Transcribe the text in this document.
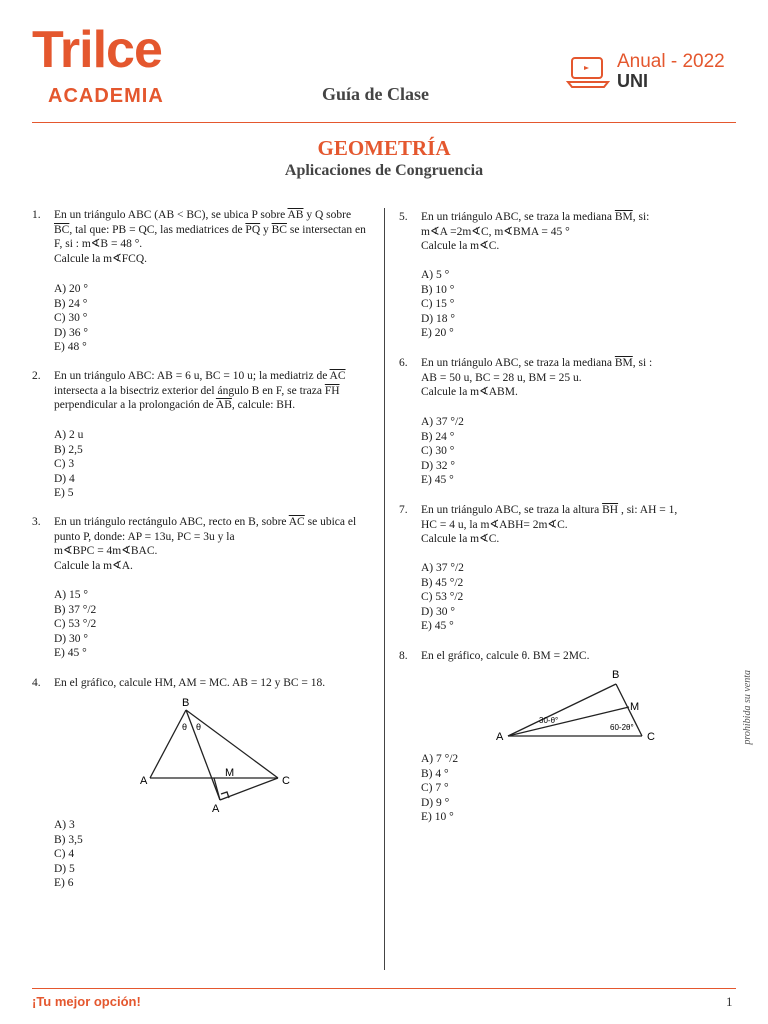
Trilce
ACADEMIA
Anual - 2022
UNI
Guía de Clase
GEOMETRÍA
Aplicaciones de Congruencia
1. En un triángulo ABC (AB < BC), se ubica P sobre $\overline{AB}$ y Q sobre $\overline{BC}$, tal que: PB = QC, las mediatrices de $\overline{PQ}$ y $\overline{BC}$ se intersectan en F, si : m∢B = 48 °.
Calcule la m∢FCQ.
A) 20 °
B) 24 °
C) 30 °
D) 36 °
E) 48 °
2. En un triángulo ABC: AB = 6 u, BC = 10 u; la mediatriz de $\overline{AC}$ intersecta a la bisectriz exterior del ángulo B en F, se traza $\overline{FH}$ perpendicular a la prolongación de $\overline{AB}$, calcule: BH.
A) 2 u
B) 2,5
C) 3
D) 4
E) 5
3. En un triángulo rectángulo ABC, recto en B, sobre $\overline{AC}$ se ubica el punto P, donde: AP = 13u, PC = 3u y la
m∢BPC = 4m∢BAC.
Calcule la m∢A.
A) 15 °
B) 37 °/2
C) 53 °/2
D) 30 °
E) 45 °
4. En el gráfico, calcule HM, AM = MC. AB = 12 y BC = 18.
B
A	C
M
A
θ θ
A) 3
B) 3,5
C) 4
D) 5
E) 6
5. En un triángulo ABC, se traza la mediana $\overline{BM}$, si:
m∢A =2m∢C, m∢BMA = 45 °
Calcule la m∢C.
A) 5 °
B) 10 °
C) 15 °
D) 18 °
E) 20 °
6. En un triángulo ABC, se traza la mediana $\overline{BM}$, si :
AB = 50 u, BC = 28 u, BM = 25 u.
Calcule la m∢ABM.
A) 37 °/2
B) 24 °
C) 30 °
D) 32 °
E) 45 °
7. En un triángulo ABC, se traza la altura $\overline{BH}$ , si: AH = 1,
HC = 4 u, la m∢ABH= 2m∢C.
Calcule la m∢C.
A) 37 °/2
B) 45 °/2
C) 53 °/2
D) 30 °
E) 45 °
8. En el gráfico, calcule θ. BM = 2MC.
B
A	C
M
30-θ°
60-2θ°
A) 7 °/2
B) 4 °
C) 7 °
D) 9 °
E) 10 °
prohibida su venta
¡Tu mejor opción!	1
